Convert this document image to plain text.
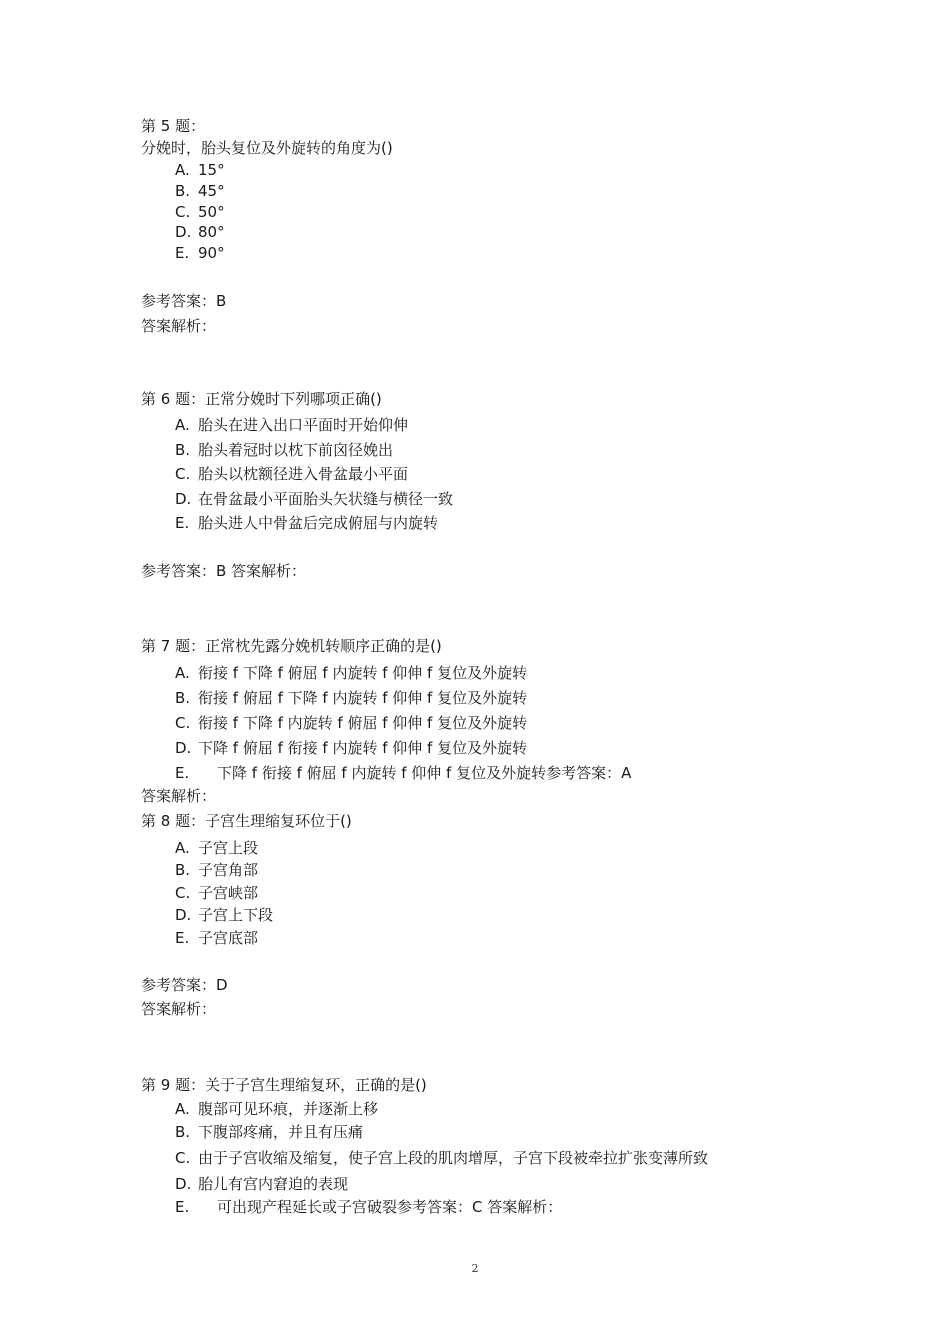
第 5 题：
分娩时，胎头复位及外旋转的角度为()
A. 15°
B. 45°
C. 50°
D. 80°
E. 90°
参考答案：B
答案解析：
第 6 题：正常分娩时下列哪项正确()
A. 胎头在进入出口平面时开始仰伸
B. 胎头着冠时以枕下前囟径娩出
C. 胎头以枕额径进入骨盆最小平面
D. 在骨盆最小平面胎头矢状缝与横径一致
E. 胎头进人中骨盆后完成俯屈与内旋转
参考答案：B 答案解析：
第 7 题：正常枕先露分娩机转顺序正确的是()
A. 衔接 f 下降 f 俯屈 f 内旋转 f 仰伸 f 复位及外旋转
B. 衔接 f 俯屈 f 下降 f 内旋转 f 仰伸 f 复位及外旋转
C. 衔接 f 下降 f 内旋转 f 俯屈 f 仰伸 f 复位及外旋转
D. 下降 f 俯屈 f 衔接 f 内旋转 f 仰伸 f 复位及外旋转
E. 下降 f 衔接 f 俯屈 f 内旋转 f 仰伸 f 复位及外旋转参考答案：A
答案解析：
第 8 题：子宫生理缩复环位于()
A. 子宫上段
B. 子宫角部
C. 子宫峡部
D. 子宫上下段
E. 子宫底部
参考答案：D
答案解析：
第 9 题：关于子宫生理缩复环，正确的是()
A. 腹部可见环痕，并逐渐上移
B. 下腹部疼痛，并且有压痛
C. 由于子宫收缩及缩复，使子宫上段的肌肉增厚，子宫下段被牵拉扩张变薄所致
D. 胎儿有宫内窘迫的表现
E. 可出现产程延长或子宫破裂参考答案：C 答案解析：
2
